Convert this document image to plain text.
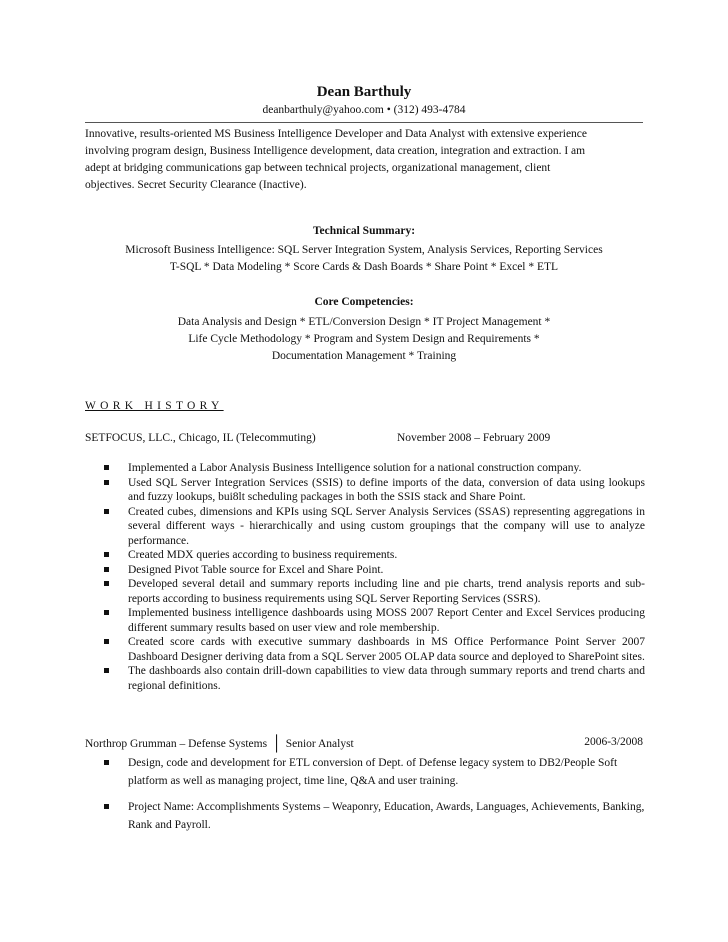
Dean Barthuly
deanbarthuly@yahoo.com • (312) 493-4784
Innovative, results-oriented MS Business Intelligence Developer and Data Analyst with extensive experience
involving program design, Business Intelligence development, data creation, integration and extraction. I am
adept at bridging communications gap between technical projects, organizational management, client
objectives. Secret Security Clearance (Inactive).
Technical Summary:
Microsoft Business Intelligence: SQL Server Integration System, Analysis Services, Reporting Services
T-SQL * Data Modeling * Score Cards & Dash Boards * Share Point * Excel * ETL
Core Competencies:
Data Analysis and Design * ETL/Conversion Design * IT Project Management *
Life Cycle Methodology * Program and System Design and Requirements *
Documentation Management * Training
WORK HISTORY
SETFOCUS, LLC., Chicago, IL (Telecommuting)	November 2008 – February 2009
Implemented a Labor Analysis Business Intelligence solution for a national construction company.
Used SQL Server Integration Services (SSIS) to define imports of the data, conversion of data using lookups and fuzzy lookups, bui8lt scheduling packages in both the SSIS stack and Share Point.
Created cubes, dimensions and KPIs using SQL Server Analysis Services (SSAS) representing aggregations in several different ways - hierarchically and using custom groupings that the company will use to analyze performance.
Created MDX queries according to business requirements.
Designed Pivot Table source for Excel and Share Point.
Developed several detail and summary reports including line and pie charts, trend analysis reports and sub-reports according to business requirements using SQL Server Reporting Services (SSRS).
Implemented business intelligence dashboards using MOSS 2007 Report Center and Excel Services producing different summary results based on user view and role membership.
Created score cards with executive summary dashboards in MS Office Performance Point Server 2007 Dashboard Designer deriving data from a SQL Server 2005 OLAP data source and deployed to SharePoint sites.
The dashboards also contain drill-down capabilities to view data through summary reports and trend charts and regional definitions.
Northrop Grumman – Defense Systems │ Senior Analyst	2006-3/2008
Design, code and development for ETL conversion of Dept. of Defense legacy system to DB2/People Soft platform as well as managing project, time line, Q&A and user training.
Project Name: Accomplishments Systems – Weaponry, Education, Awards, Languages, Achievements, Banking, Rank and Payroll.
